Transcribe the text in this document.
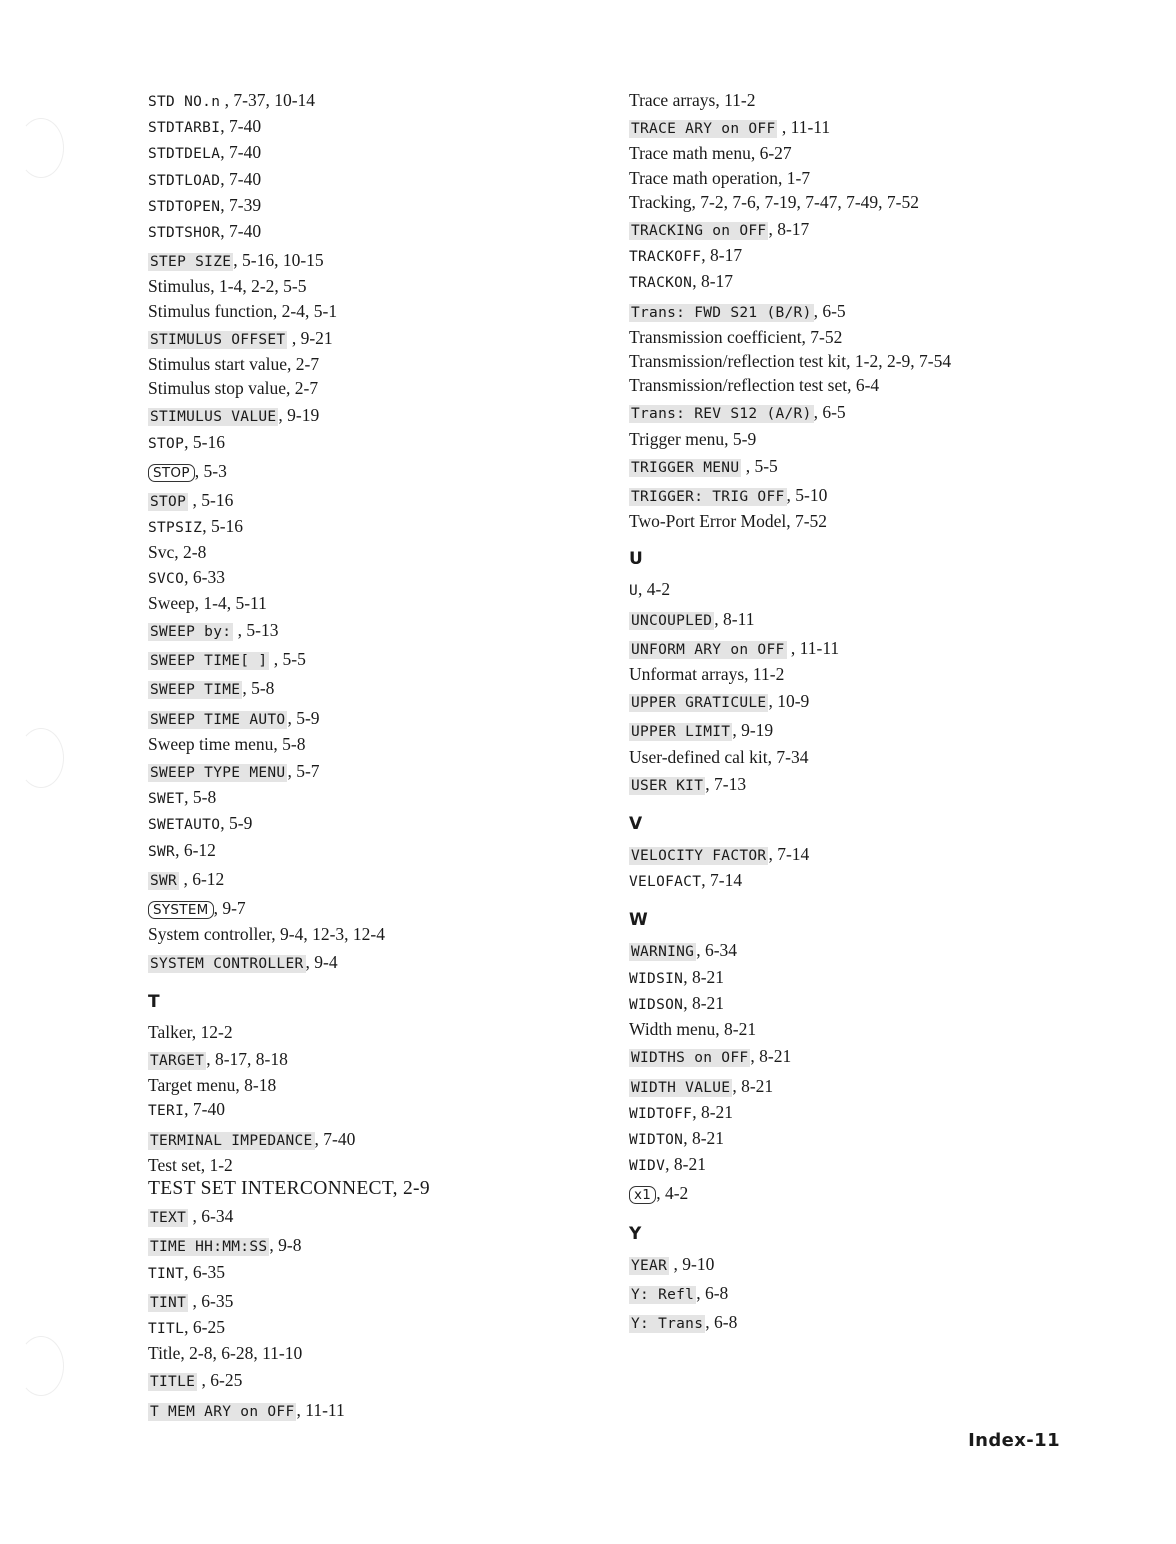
STD NO.n , 7-37, 10-14
STDTARBI, 7-40
STDTDELA, 7-40
STDTLOAD, 7-40
STDTOPEN, 7-39
STDTSHOR, 7-40
STEP SIZE , 5-16, 10-15
Stimulus, 1-4, 2-2, 5-5
Stimulus function, 2-4, 5-1
STIMULUS OFFSET , 9-21
Stimulus start value, 2-7
Stimulus stop value, 2-7
STIMULUS VALUE , 9-19
STOP, 5-16
STOP , 5-3
STOP , 5-16
STPSIZ, 5-16
Svc, 2-8
SVCO, 6-33
Sweep, 1-4, 5-11
SWEEP by: , 5-13
SWEEP TIME[ ] , 5-5
SWEEP TIME , 5-8
SWEEP TIME AUTO , 5-9
Sweep time menu, 5-8
SWEEP TYPE MENU , 5-7
SWET, 5-8
SWETAUTO, 5-9
SWR, 6-12
SWR , 6-12
SYSTEM , 9-7
System controller, 9-4, 12-3, 12-4
SYSTEM CONTROLLER , 9-4
T
Talker, 12-2
TARGET , 8-17, 8-18
Target menu, 8-18
TERI, 7-40
TERMINAL IMPEDANCE , 7-40
Test set, 1-2
TEST SET INTERCONNECT, 2-9
TEXT , 6-34
TIME HH:MM:SS , 9-8
TINT, 6-35
TINT , 6-35
TITL, 6-25
Title, 2-8, 6-28, 11-10
TITLE , 6-25
T MEM ARY on OFF , 11-11
Trace arrays, 11-2
TRACE ARY on OFF , 11-11
Trace math menu, 6-27
Trace math operation, 1-7
Tracking, 7-2, 7-6, 7-19, 7-47, 7-49, 7-52
TRACKING on OFF , 8-17
TRACKOFF, 8-17
TRACKON, 8-17
Trans: FWD S21 (B/R) , 6-5
Transmission coefficient, 7-52
Transmission/reflection test kit, 1-2, 2-9, 7-54
Transmission/reflection test set, 6-4
Trans: REV S12 (A/R) , 6-5
Trigger menu, 5-9
TRIGGER MENU , 5-5
TRIGGER: TRIG OFF , 5-10
Two-Port Error Model, 7-52
U
U, 4-2
UNCOUPLED , 8-11
UNFORM ARY on OFF , 11-11
Unformat arrays, 11-2
UPPER GRATICULE , 10-9
UPPER LIMIT , 9-19
User-defined cal kit, 7-34
USER KIT , 7-13
V
VELOCITY FACTOR , 7-14
VELOFACT, 7-14
W
WARNING , 6-34
WIDSIN, 8-21
WIDSON, 8-21
Width menu, 8-21
WIDTHS on OFF , 8-21
WIDTH VALUE , 8-21
WIDTOFF, 8-21
WIDTON, 8-21
WIDV, 8-21
x1 , 4-2
Y
YEAR , 9-10
Y: Refl , 6-8
Y: Trans , 6-8
Index-11
